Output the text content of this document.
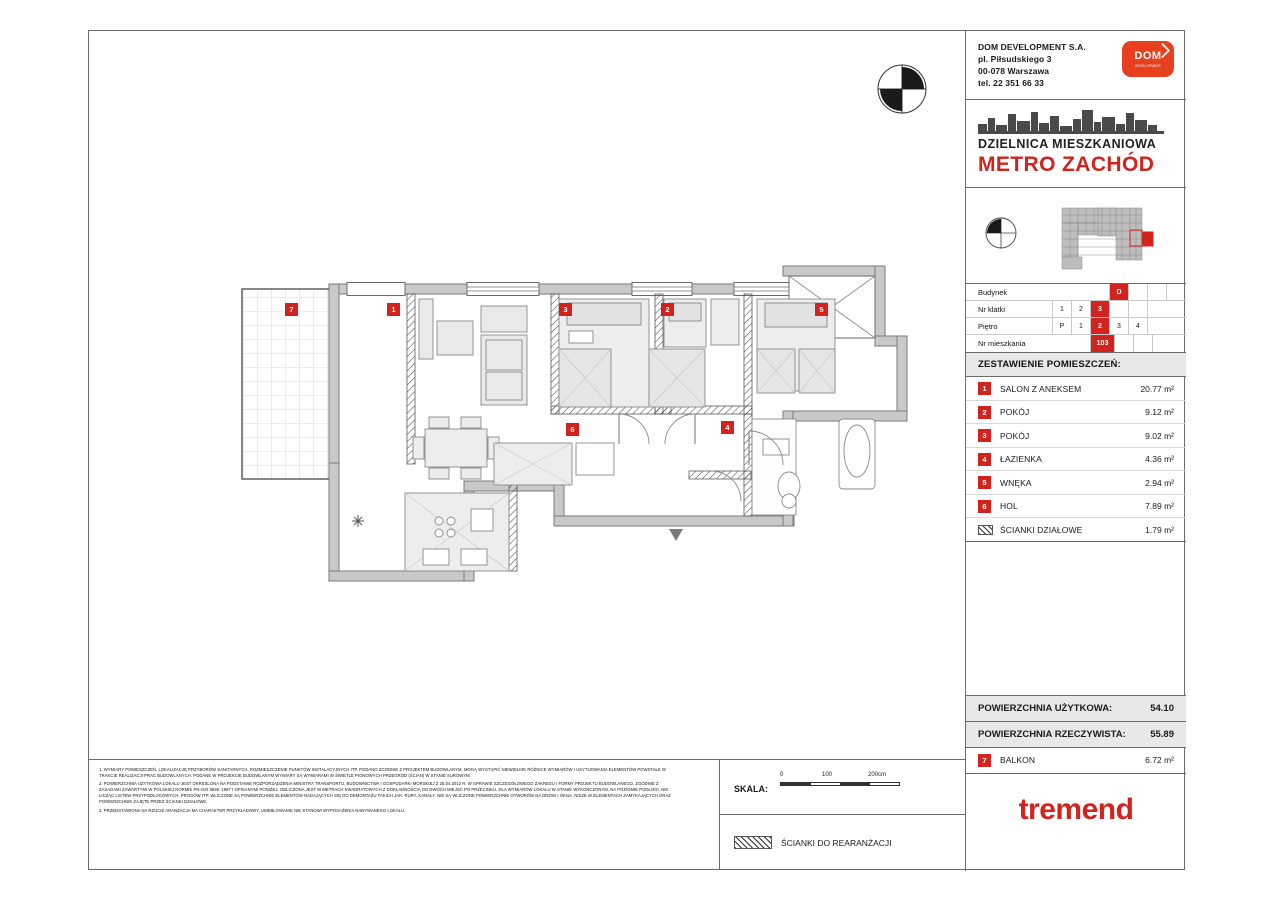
7	1	3	2	5
6	4

1. WYMIARY POMIESZCZEŃ, LOKALIZACJĘ PRZYBORÓW SANITARNYCH, ROZMIESZCZENIE PUNKTÓW INSTALACYJNYCH ITP. PODANO ZGODNIE Z PROJEKTEM BUDOWLANYM. MOGĄ WYSTĄPIĆ NIEWIELKIE RÓŻNICE WYMIARÓW I USYTUOWANIA ELEMENTÓW POWSTAŁE W TRAKCIE REALIZACJI PRAC BUDOWLANYCH. PODANE W PROJEKCIE BUDOWLANYM WYMIARY SĄ WYMIARAMI W ŚWIETLE PIONOWYCH PRZEGRÓD (ŚCIAN) W STANIE SUROWYM.

2. POWIERZCHNIA UŻYTKOWA LOKALU JEST OKREŚLONA NA PODSTAWIE ROZPORZĄDZENIA MINISTRA TRANSPORTU, BUDOWNICTWA I GOSPODARKI MORSKIEJ Z 25.04.2012 R. W SPRAWIE SZCZEGÓŁOWEGO ZAKRESU I FORMY PROJEKTU BUDOWLANEGO, ZGODNIE Z ZASADAMI ZAWARTYMI W POLSKIEJ NORMIE PN-ISO 9836: 1997 I OPISANYMI PONIŻEJ. OBLICZONA JEST W METRACH KWADRATOWYCH Z DOKŁADNOŚCIĄ DO DWÓCH MIEJSC PO PRZECINKU. DLA WYMIARÓW LOKALU W STANIE WYKOŃCZONYM, NA POZIOMIE PODŁOGI, NIE LICZĄC LISTEW PRZYPODŁOGOWYCH, PROGÓW ITP. WLICZONE SĄ POWIERZCHNIE ELEMENTÓW NADAJĄCYCH SIĘ DO DEMONTAŻU TAKICH JAK: RURY, KANAŁY. NIE SĄ WLICZONE POWIERZCHNIE OTWORÓW NA DRZWI I OKNA, NISZE W ELEMENTACH ZAMYKAJĄCYCH ORAZ POWIERZCHNIE ZAJĘTE PRZEZ ŚCIANKI DZIAŁOWE.

3. PRZEDSTAWIONA NA RZUCIE ARANŻACJA MA CHARAKTER PRZYKŁADOWY, UMEBLOWANIE NIE STANOWI WYPOSAŻENIA NABYWANEGO LOKALU.

SKALA:
0	100	200cm
ŚCIANKI DO REARANŻACJI
DOM DEVELOPMENT S.A.
pl. Piłsudskiego 3
00-078 Warszawa
tel. 22 351 66 33
DOM
DEVELOPMENT
DZIELNICA MIESZKANIOWA
METRO ZACHÓD
Budynek	D
Nr klatki	1	2	3
Piętro	P	1	2	3	4
Nr mieszkania	103
ZESTAWIENIE POMIESZCZEŃ:
1	SALON Z ANEKSEM	20.77 m²
2	POKÓJ	9.12 m²
3	POKÓJ	9.02 m²
4	ŁAZIENKA	4.36 m²
5	WNĘKA	2.94 m²
6	HOL	7.89 m²
ŚCIANKI DZIAŁOWE	1.79 m²
POWIERZCHNIA UŻYTKOWA:	54.10
POWIERZCHNIA RZECZYWISTA:	55.89
7	BALKON	6.72 m²
tremend
